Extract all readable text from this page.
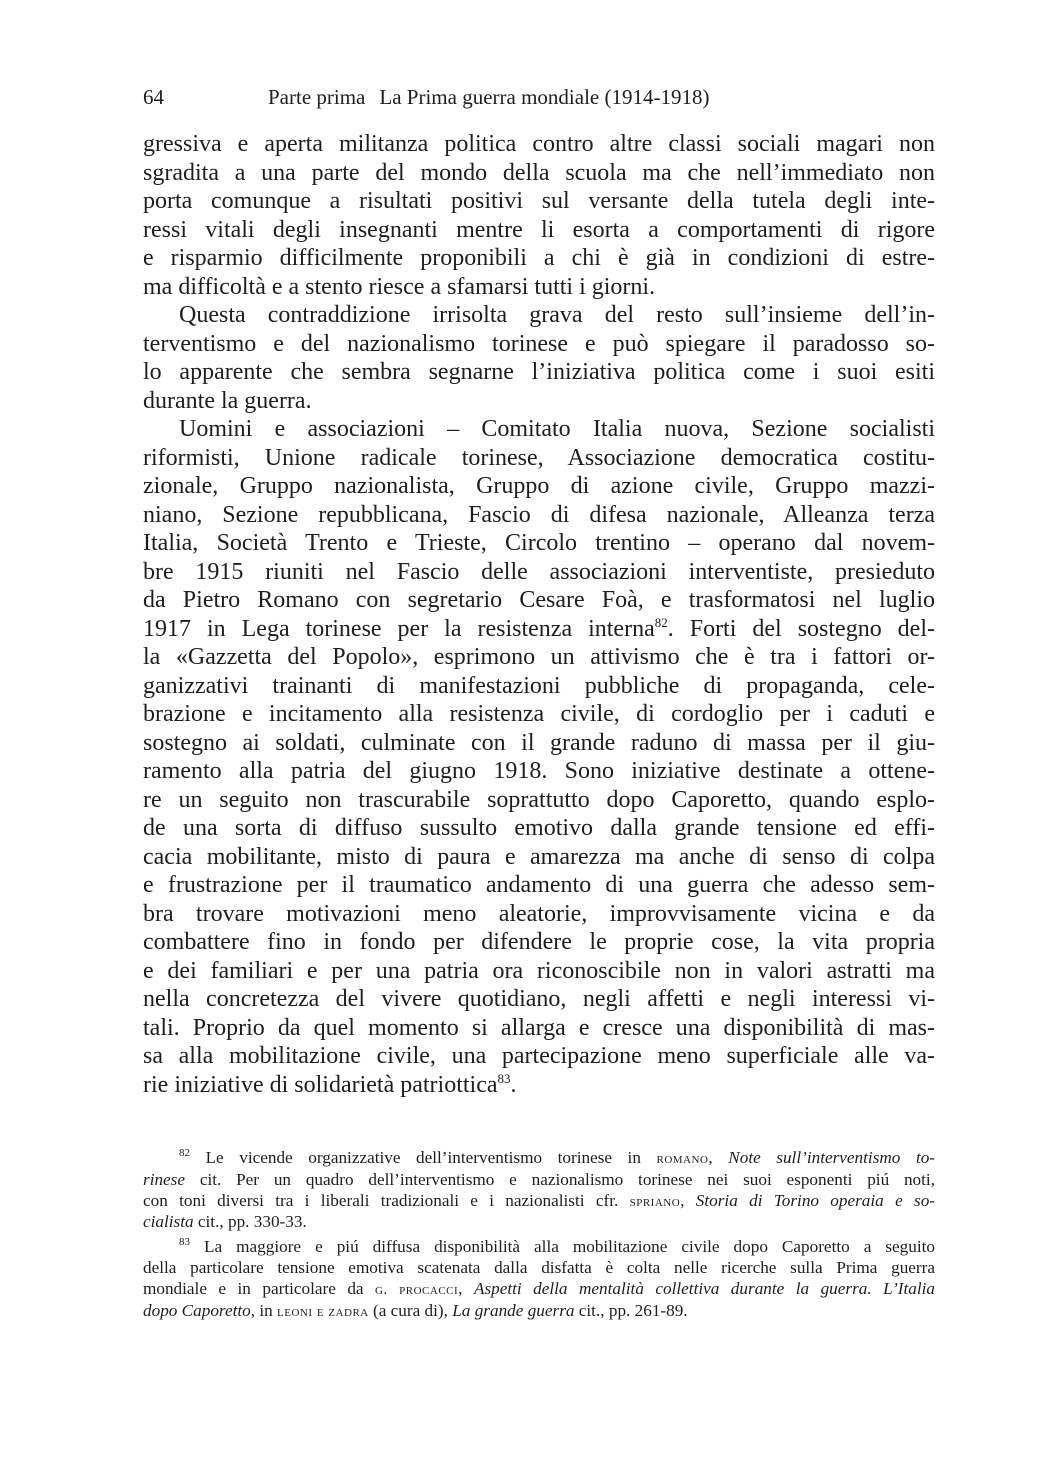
64	Parte prima La Prima guerra mondiale (1914-1918)

gressiva e aperta militanza politica contro altre classi sociali magari non
sgradita a una parte del mondo della scuola ma che nell’immediato non
porta comunque a risultati positivi sul versante della tutela degli inte-
ressi vitali degli insegnanti mentre li esorta a comportamenti di rigore
e risparmio difficilmente proponibili a chi è già in condizioni di estre-
ma difficoltà e a stento riesce a sfamarsi tutti i giorni.

Questa contraddizione irrisolta grava del resto sull’insieme dell’in-
terventismo e del nazionalismo torinese e può spiegare il paradosso so-
lo apparente che sembra segnarne l’iniziativa politica come i suoi esiti
durante la guerra.

Uomini e associazioni – Comitato Italia nuova, Sezione socialisti
riformisti, Unione radicale torinese, Associazione democratica costitu-
zionale, Gruppo nazionalista, Gruppo di azione civile, Gruppo mazzi-
niano, Sezione repubblicana, Fascio di difesa nazionale, Alleanza terza
Italia, Società Trento e Trieste, Circolo trentino – operano dal novem-
bre 1915 riuniti nel Fascio delle associazioni interventiste, presieduto
da Pietro Romano con segretario Cesare Foà, e trasformatosi nel luglio
1917 in Lega torinese per la resistenza interna$^{82}$. Forti del sostegno del-
la «Gazzetta del Popolo», esprimono un attivismo che è tra i fattori or-
ganizzativi trainanti di manifestazioni pubbliche di propaganda, cele-
brazione e incitamento alla resistenza civile, di cordoglio per i caduti e
sostegno ai soldati, culminate con il grande raduno di massa per il giu-
ramento alla patria del giugno 1918. Sono iniziative destinate a ottene-
re un seguito non trascurabile soprattutto dopo Caporetto, quando esplo-
de una sorta di diffuso sussulto emotivo dalla grande tensione ed effi-
cacia mobilitante, misto di paura e amarezza ma anche di senso di colpa
e frustrazione per il traumatico andamento di una guerra che adesso sem-
bra trovare motivazioni meno aleatorie, improvvisamente vicina e da
combattere fino in fondo per difendere le proprie cose, la vita propria
e dei familiari e per una patria ora riconoscibile non in valori astratti ma
nella concretezza del vivere quotidiano, negli affetti e negli interessi vi-
tali. Proprio da quel momento si allarga e cresce una disponibilità di mas-
sa alla mobilitazione civile, una partecipazione meno superficiale alle va-
rie iniziative di solidarietà patriottica$^{83}$.

$^{82}$ Le vicende organizzative dell’interventismo torinese in romano, Note sull’interventismo to-
rinese cit. Per un quadro dell’interventismo e nazionalismo torinese nei suoi esponenti piú noti,
con toni diversi tra i liberali tradizionali e i nazionalisti cfr. spriano, Storia di Torino operaia e so-
cialista cit., pp. 330-33.

$^{83}$ La maggiore e piú diffusa disponibilità alla mobilitazione civile dopo Caporetto a seguito
della particolare tensione emotiva scatenata dalla disfatta è colta nelle ricerche sulla Prima guerra
mondiale e in particolare da g. procacci, Aspetti della mentalità collettiva durante la guerra. L’Italia
dopo Caporetto, in leoni e zadra (a cura di), La grande guerra cit., pp. 261-89.
